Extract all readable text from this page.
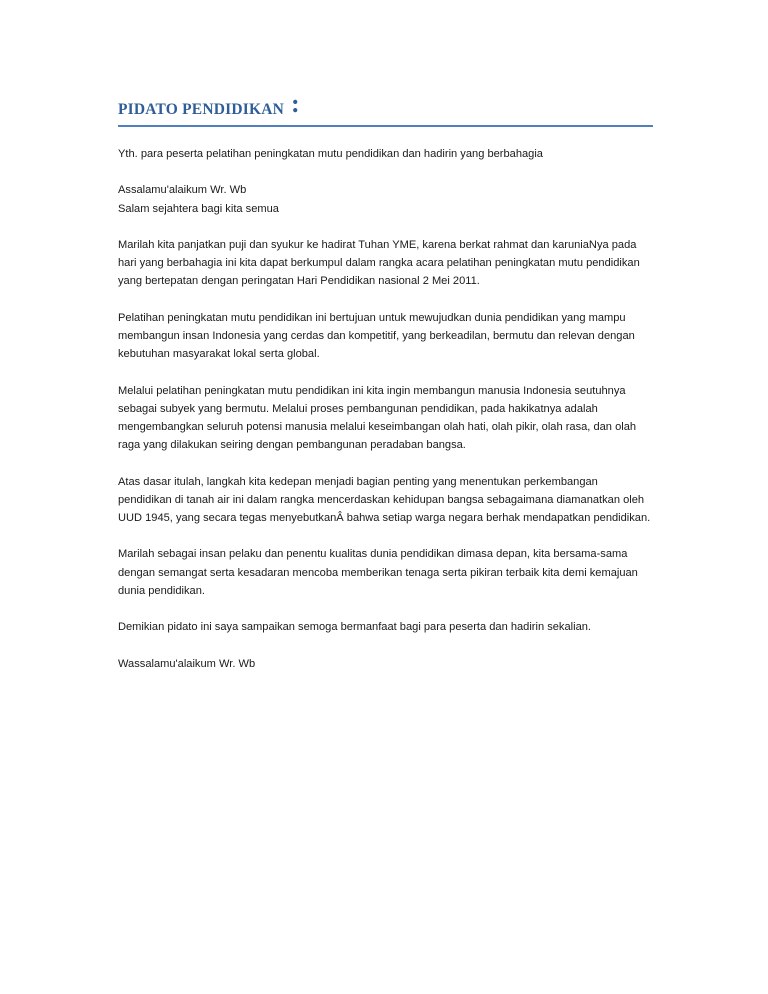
PIDATO PENDIDIKAN :

Yth. para peserta pelatihan peningkatan mutu pendidikan dan hadirin yang berbahagia

Assalamu'alaikum Wr. Wb
Salam sejahtera bagi kita semua

Marilah kita panjatkan puji dan syukur ke hadirat Tuhan YME, karena berkat rahmat dan karuniaNya pada hari yang berbahagia ini kita dapat berkumpul dalam rangka acara pelatihan peningkatan mutu pendidikan yang bertepatan dengan peringatan Hari Pendidikan nasional 2 Mei 2011.

Pelatihan peningkatan mutu pendidikan ini bertujuan untuk mewujudkan dunia pendidikan yang mampu membangun insan Indonesia yang cerdas dan kompetitif, yang berkeadilan, bermutu dan relevan dengan kebutuhan masyarakat lokal serta global.

Melalui pelatihan peningkatan mutu pendidikan ini kita ingin membangun manusia Indonesia seutuhnya sebagai subyek yang bermutu. Melalui proses pembangunan pendidikan, pada hakikatnya adalah mengembangkan seluruh potensi manusia melalui keseimbangan olah hati, olah pikir, olah rasa, dan olah raga yang dilakukan seiring dengan pembangunan peradaban bangsa.

Atas dasar itulah, langkah kita kedepan menjadi bagian penting yang menentukan perkembangan pendidikan di tanah air ini dalam rangka mencerdaskan kehidupan bangsa sebagaimana diamanatkan oleh UUD 1945, yang secara tegas menyebutkanÂ bahwa setiap warga negara berhak mendapatkan pendidikan.

Marilah sebagai insan pelaku dan penentu kualitas dunia pendidikan dimasa depan, kita bersama-sama dengan semangat serta kesadaran mencoba memberikan tenaga serta pikiran terbaik kita demi kemajuan dunia pendidikan.

Demikian pidato ini saya sampaikan semoga bermanfaat bagi para peserta dan hadirin sekalian.

Wassalamu'alaikum Wr. Wb
